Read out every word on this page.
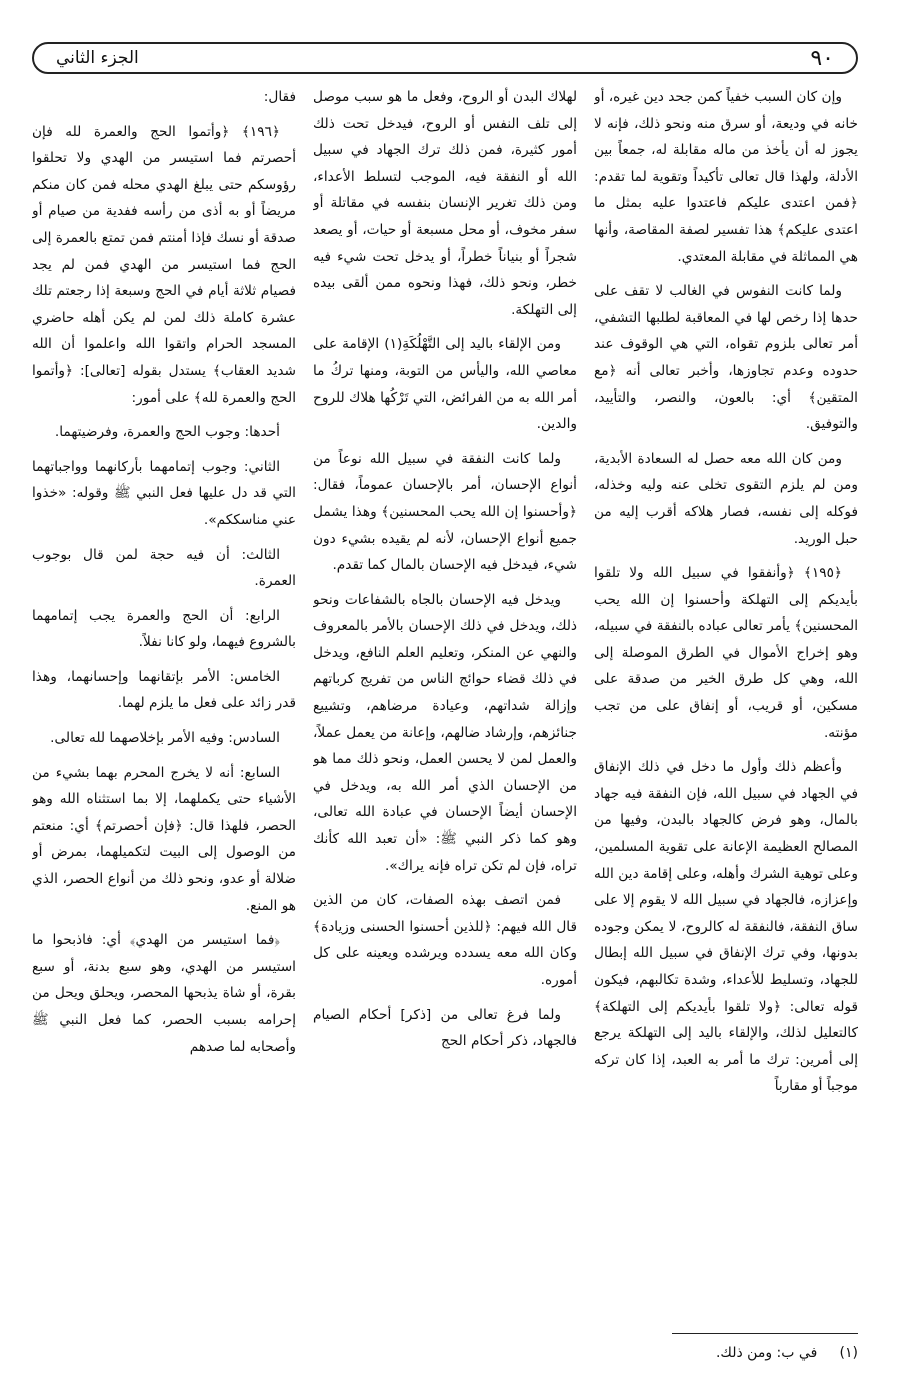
٩٠
الجزء الثاني

وإن كان السبب خفياً كمن جحد دين غيره، أو خانه في وديعة، أو سرق منه ونحو ذلك، فإنه لا يجوز له أن يأخذ من ماله مقابلة له، جمعاً بين الأدلة، ولهذا قال تعالى تأكيداً وتقوية لما تقدم: ﴿فمن اعتدى عليكم فاعتدوا عليه بمثل ما اعتدى عليكم﴾ هذا تفسير لصفة المقاصة، وأنها هي المماثلة في مقابلة المعتدي.

ولما كانت النفوس في الغالب لا تقف على حدها إذا رخص لها في المعاقبة لطلبها التشفي، أمر تعالى بلزوم تقواه، التي هي الوقوف عند حدوده وعدم تجاوزها، وأخبر تعالى أنه ﴿مع المتقين﴾ أي: بالعون، والنصر، والتأييد، والتوفيق.

ومن كان الله معه حصل له السعادة الأبدية، ومن لم يلزم التقوى تخلى عنه وليه وخذله، فوكله إلى نفسه، فصار هلاكه أقرب إليه من حبل الوريد.

﴿١٩٥﴾ ﴿وأنفقوا في سبيل الله ولا تلقوا بأيديكم إلى التهلكة وأحسنوا إن الله يحب المحسنين﴾ يأمر تعالى عباده بالنفقة في سبيله، وهو إخراج الأموال في الطرق الموصلة إلى الله، وهي كل طرق الخير من صدقة على مسكين، أو قريب، أو إنفاق على من تجب مؤنته.

وأعظم ذلك وأول ما دخل في ذلك الإنفاق في الجهاد في سبيل الله، فإن النفقة فيه جهاد بالمال، وهو فرض كالجهاد بالبدن، وفيها من المصالح العظيمة الإعانة على تقوية المسلمين، وعلى توهية الشرك وأهله، وعلى إقامة دين الله وإعزازه، فالجهاد في سبيل الله لا يقوم إلا على ساق النفقة، فالنفقة له كالروح، لا يمكن وجوده بدونها، وفي ترك الإنفاق في سبيل الله إبطال للجهاد، وتسليط للأعداء، وشدة تكالبهم، فيكون قوله تعالى: ﴿ولا تلقوا بأيديكم إلى التهلكة﴾ كالتعليل لذلك، والإلقاء باليد إلى التهلكة يرجع إلى أمرين: ترك ما أمر به العبد، إذا كان تركه موجباً أو مقارباً

لهلاك البدن أو الروح، وفعل ما هو سبب موصل إلى تلف النفس أو الروح، فيدخل تحت ذلك أمور كثيرة، فمن ذلك ترك الجهاد في سبيل الله أو النفقة فيه، الموجب لتسلط الأعداء، ومن ذلك تغرير الإنسان بنفسه في مقاتلة أو سفر مخوف، أو محل مسبعة أو حيات، أو يصعد شجراً أو بنياناً خطراً، أو يدخل تحت شيء فيه خطر، ونحو ذلك، فهذا ونحوه ممن ألقى بيده إلى التهلكة.

ومن الإلقاء باليد إلى التَّهْلُكَةِ(١) الإقامة على معاصي الله، واليأس من التوبة، ومنها تركُ ما أمر الله به من الفرائض، التي تَرْكُها هلاك للروح والدين.

ولما كانت النفقة في سبيل الله نوعاً من أنواع الإحسان، أمر بالإحسان عموماً، فقال: ﴿وأحسنوا إن الله يحب المحسنين﴾ وهذا يشمل جميع أنواع الإحسان، لأنه لم يقيده بشيء دون شيء، فيدخل فيه الإحسان بالمال كما تقدم.

ويدخل فيه الإحسان بالجاه بالشفاعات ونحو ذلك، ويدخل في ذلك الإحسان بالأمر بالمعروف والنهي عن المنكر، وتعليم العلم النافع، ويدخل في ذلك قضاء حوائج الناس من تفريج كرباتهم وإزالة شداتهم، وعيادة مرضاهم، وتشييع جنائزهم، وإرشاد ضالهم، وإعانة من يعمل عملاً، والعمل لمن لا يحسن العمل، ونحو ذلك مما هو من الإحسان الذي أمر الله به، ويدخل في الإحسان أيضاً الإحسان في عبادة الله تعالى، وهو كما ذكر النبي ﷺ: «أن تعبد الله كأنك تراه، فإن لم تكن تراه فإنه يراك».

فمن اتصف بهذه الصفات، كان من الذين قال الله فيهم: ﴿للذين أحسنوا الحسنى وزيادة﴾ وكان الله معه يسدده ويرشده ويعينه على كل أموره.

ولما فرغ تعالى من [ذكر] أحكام الصيام فالجهاد، ذكر أحكام الحج

فقال:

﴿١٩٦﴾ ﴿وأتموا الحج والعمرة لله فإن أحصرتم فما استيسر من الهدي ولا تحلقوا رؤوسكم حتى يبلغ الهدي محله فمن كان منكم مريضاً أو به أذى من رأسه ففدية من صيام أو صدقة أو نسك فإذا أمنتم فمن تمتع بالعمرة إلى الحج فما استيسر من الهدي فمن لم يجد فصيام ثلاثة أيام في الحج وسبعة إذا رجعتم تلك عشرة كاملة ذلك لمن لم يكن أهله حاضري المسجد الحرام واتقوا الله واعلموا أن الله شديد العقاب﴾ يستدل بقوله [تعالى]: ﴿وأتموا الحج والعمرة لله﴾ على أمور:

أحدها: وجوب الحج والعمرة، وفرضيتهما.

الثاني: وجوب إتمامهما بأركانهما وواجباتهما التي قد دل عليها فعل النبي ﷺ وقوله: «خذوا عني مناسككم».

الثالث: أن فيه حجة لمن قال بوجوب العمرة.

الرابع: أن الحج والعمرة يجب إتمامهما بالشروع فيهما، ولو كانا نفلاً.

الخامس: الأمر بإتقانهما وإحسانهما، وهذا قدر زائد على فعل ما يلزم لهما.

السادس: وفيه الأمر بإخلاصهما لله تعالى.

السابع: أنه لا يخرج المحرم بهما بشيء من الأشياء حتى يكملهما، إلا بما استثناه الله وهو الحصر، فلهذا قال: ﴿فإن أحصرتم﴾ أي: منعتم من الوصول إلى البيت لتكميلهما، بمرض أو ضلالة أو عدو، ونحو ذلك من أنواع الحصر، الذي هو المنع.

﴿فما استيسر من الهدي﴾ أي: فاذبحوا ما استيسر من الهدي، وهو سبع بدنة، أو سبع بقرة، أو شاة يذبحها المحصر، ويحلق ويحل من إحرامه بسبب الحصر، كما فعل النبي ﷺ وأصحابه لما صدهم

(١)     في ب: ومن ذلك.
